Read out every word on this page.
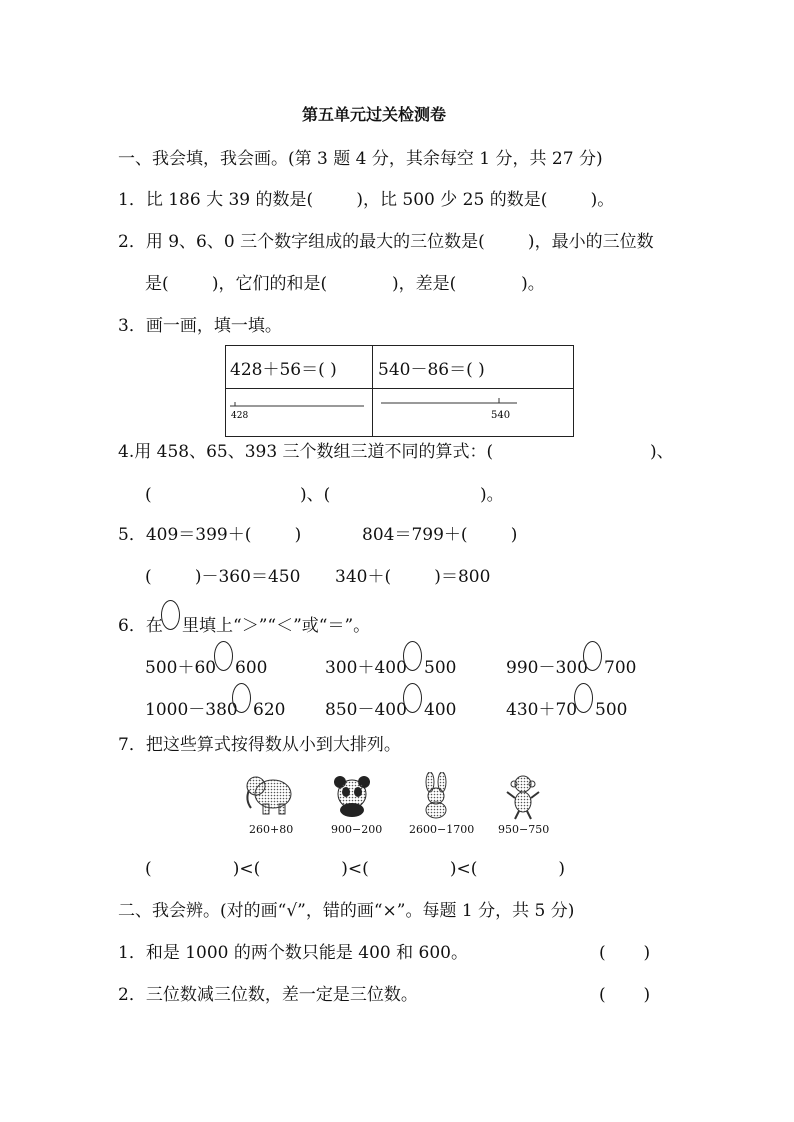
第五单元过关检测卷
一、我会填，我会画。(第 3 题 4 分，其余每空 1 分，共 27 分)
1．比 186 大 39 的数是(        )，比 500 少 25 的数是(        )。
2．用 9、6、0 三个数字组成的最大的三位数是(        )，最小的三位数
是(        )，它们的和是(            )，差是(            )。
3．画一画，填一填。
428＋56＝( )	540－86＝( )

428	540
4.用 458、65、393 三个数组三道不同的算式：(	)、
(	)、(	)。
5．409＝399＋(        )	804＝799＋(        )
(        )－360＝450 340＋(        )＝800
6．在 里填上“＞”“＜”或“＝”。
500＋60 600	300＋400 500	990－300 700
1000－380 620 850－400 400	430＋70 500
7．把这些算式按得数从小到大排列。
260+80	900−200 2600−1700 950−750
(               )<(               )<(               )<(               )
二、我会辨。(对的画“√”，错的画“×”。每题 1 分，共 5 分)
1．和是 1000 的两个数只能是 400 和 600。	(       )
2．三位数减三位数，差一定是三位数。	(       )
